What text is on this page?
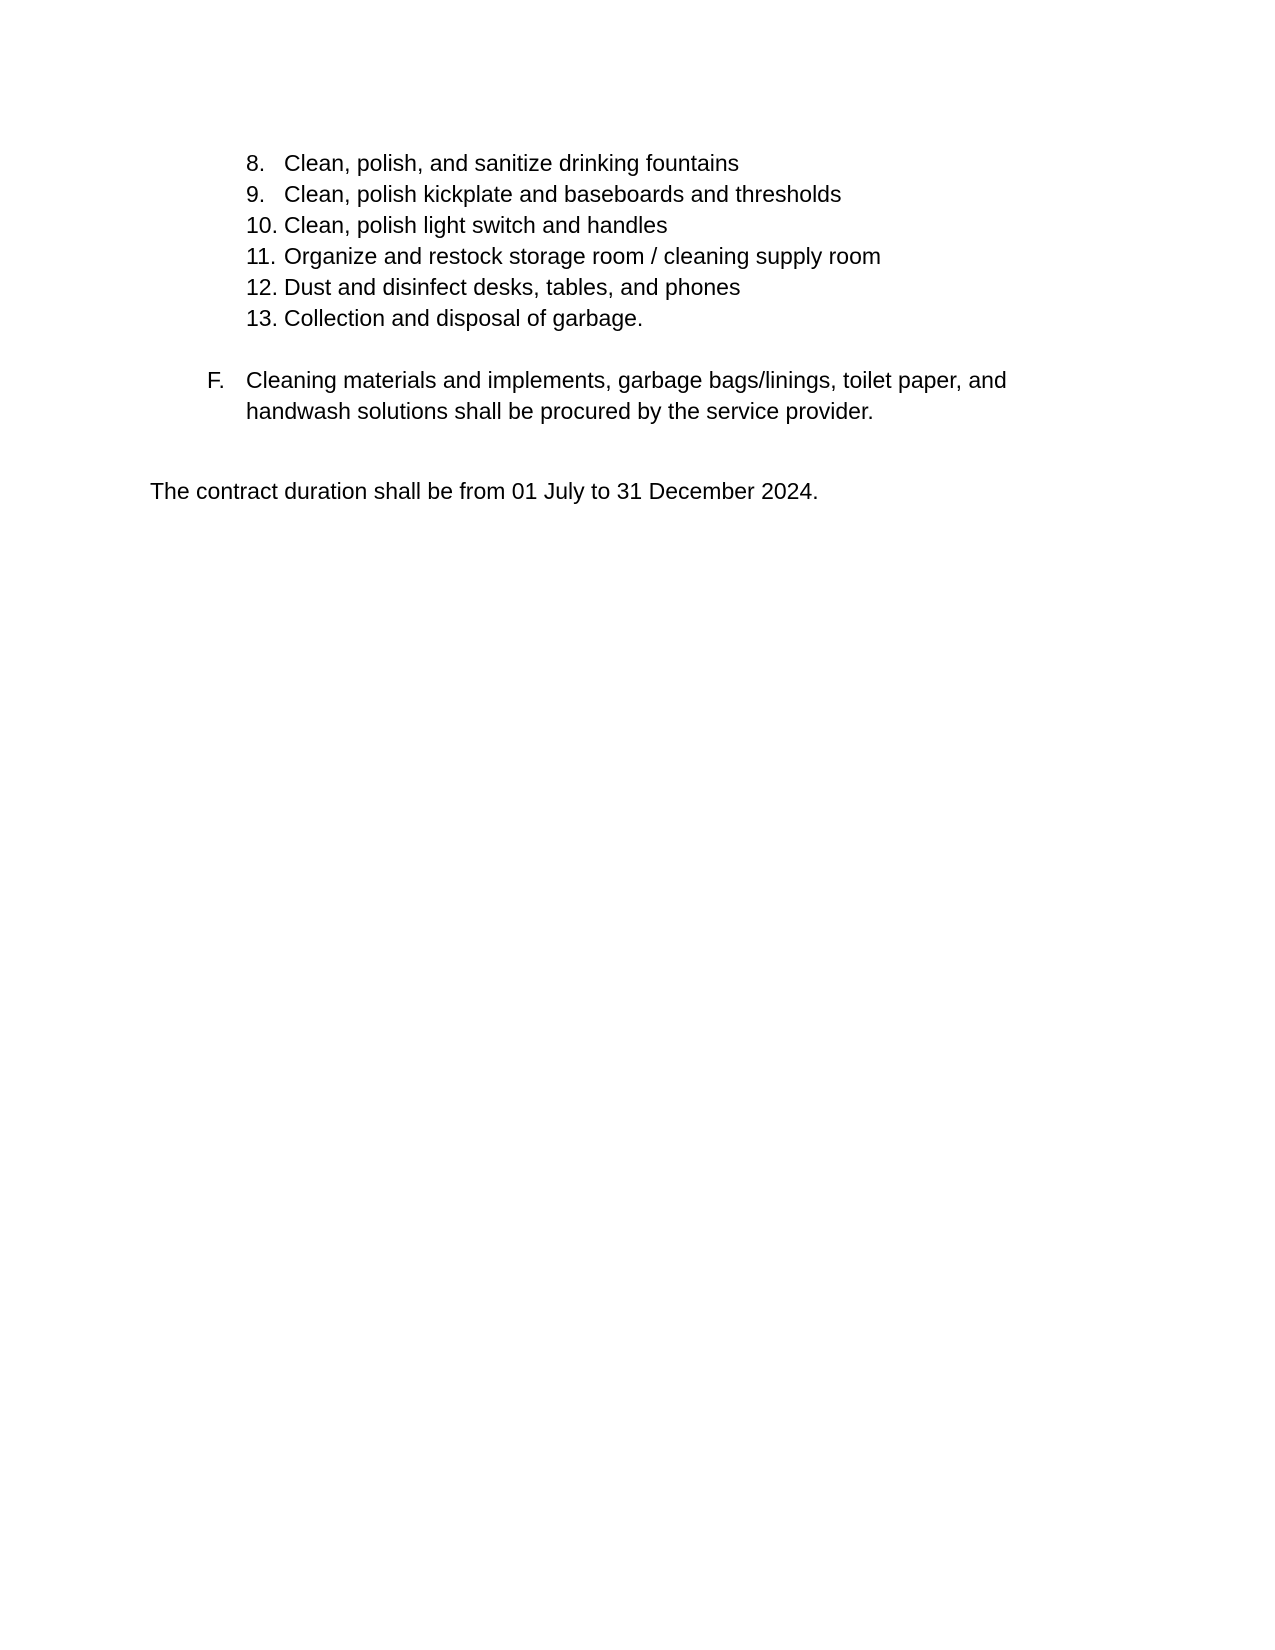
8. Clean, polish, and sanitize drinking fountains
9. Clean, polish kickplate and baseboards and thresholds
10. Clean, polish light switch and handles
11. Organize and restock storage room / cleaning supply room
12. Dust and disinfect desks, tables, and phones
13. Collection and disposal of garbage.
F. Cleaning materials and implements, garbage bags/linings, toilet paper, and handwash solutions shall be procured by the service provider.
The contract duration shall be from 01 July to 31 December 2024.
